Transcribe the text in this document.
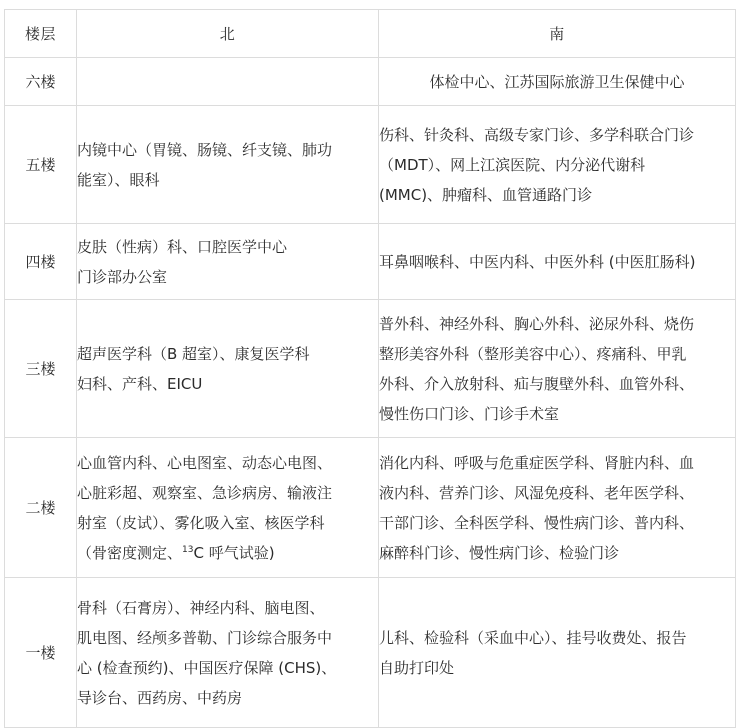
楼层	北	南
六楼		体检中心、江苏国际旅游卫生保健中心

五楼	内镜中心（胃镜、肠镜、纤支镜、肺功
能室）、眼科	伤科、针灸科、高级专家门诊、多学科联合门诊
（MDT）、网上江滨医院、内分泌代谢科
(MMC)、肿瘤科、血管通路门诊

四楼	皮肤（性病）科、口腔医学中心
门诊部办公室	耳鼻咽喉科、中医内科、中医外科 (中医肛肠科)

三楼	超声医学科（B 超室）、康复医学科
妇科、产科、EICU	普外科、神经外科、胸心外科、泌尿外科、烧伤
整形美容外科（整形美容中心）、疼痛科、甲乳
外科、介入放射科、疝与腹壁外科、血管外科、
慢性伤口门诊、门诊手术室

二楼	心血管内科、心电图室、动态心电图、
心脏彩超、观察室、急诊病房、输液注
射室（皮试）、雾化吸入室、核医学科
（骨密度测定、$^{13}$C 呼气试验)	消化内科、呼吸与危重症医学科、肾脏内科、血
液内科、营养门诊、风湿免疫科、老年医学科、
干部门诊、全科医学科、慢性病门诊、普内科、
麻醉科门诊、慢性病门诊、检验门诊

一楼	骨科（石膏房）、神经内科、脑电图、
肌电图、经颅多普勒、门诊综合服务中
心 (检查预约)、中国医疗保障 (CHS)、
导诊台、西药房、中药房	儿科、检验科（采血中心）、挂号收费处、报告
自助打印处
